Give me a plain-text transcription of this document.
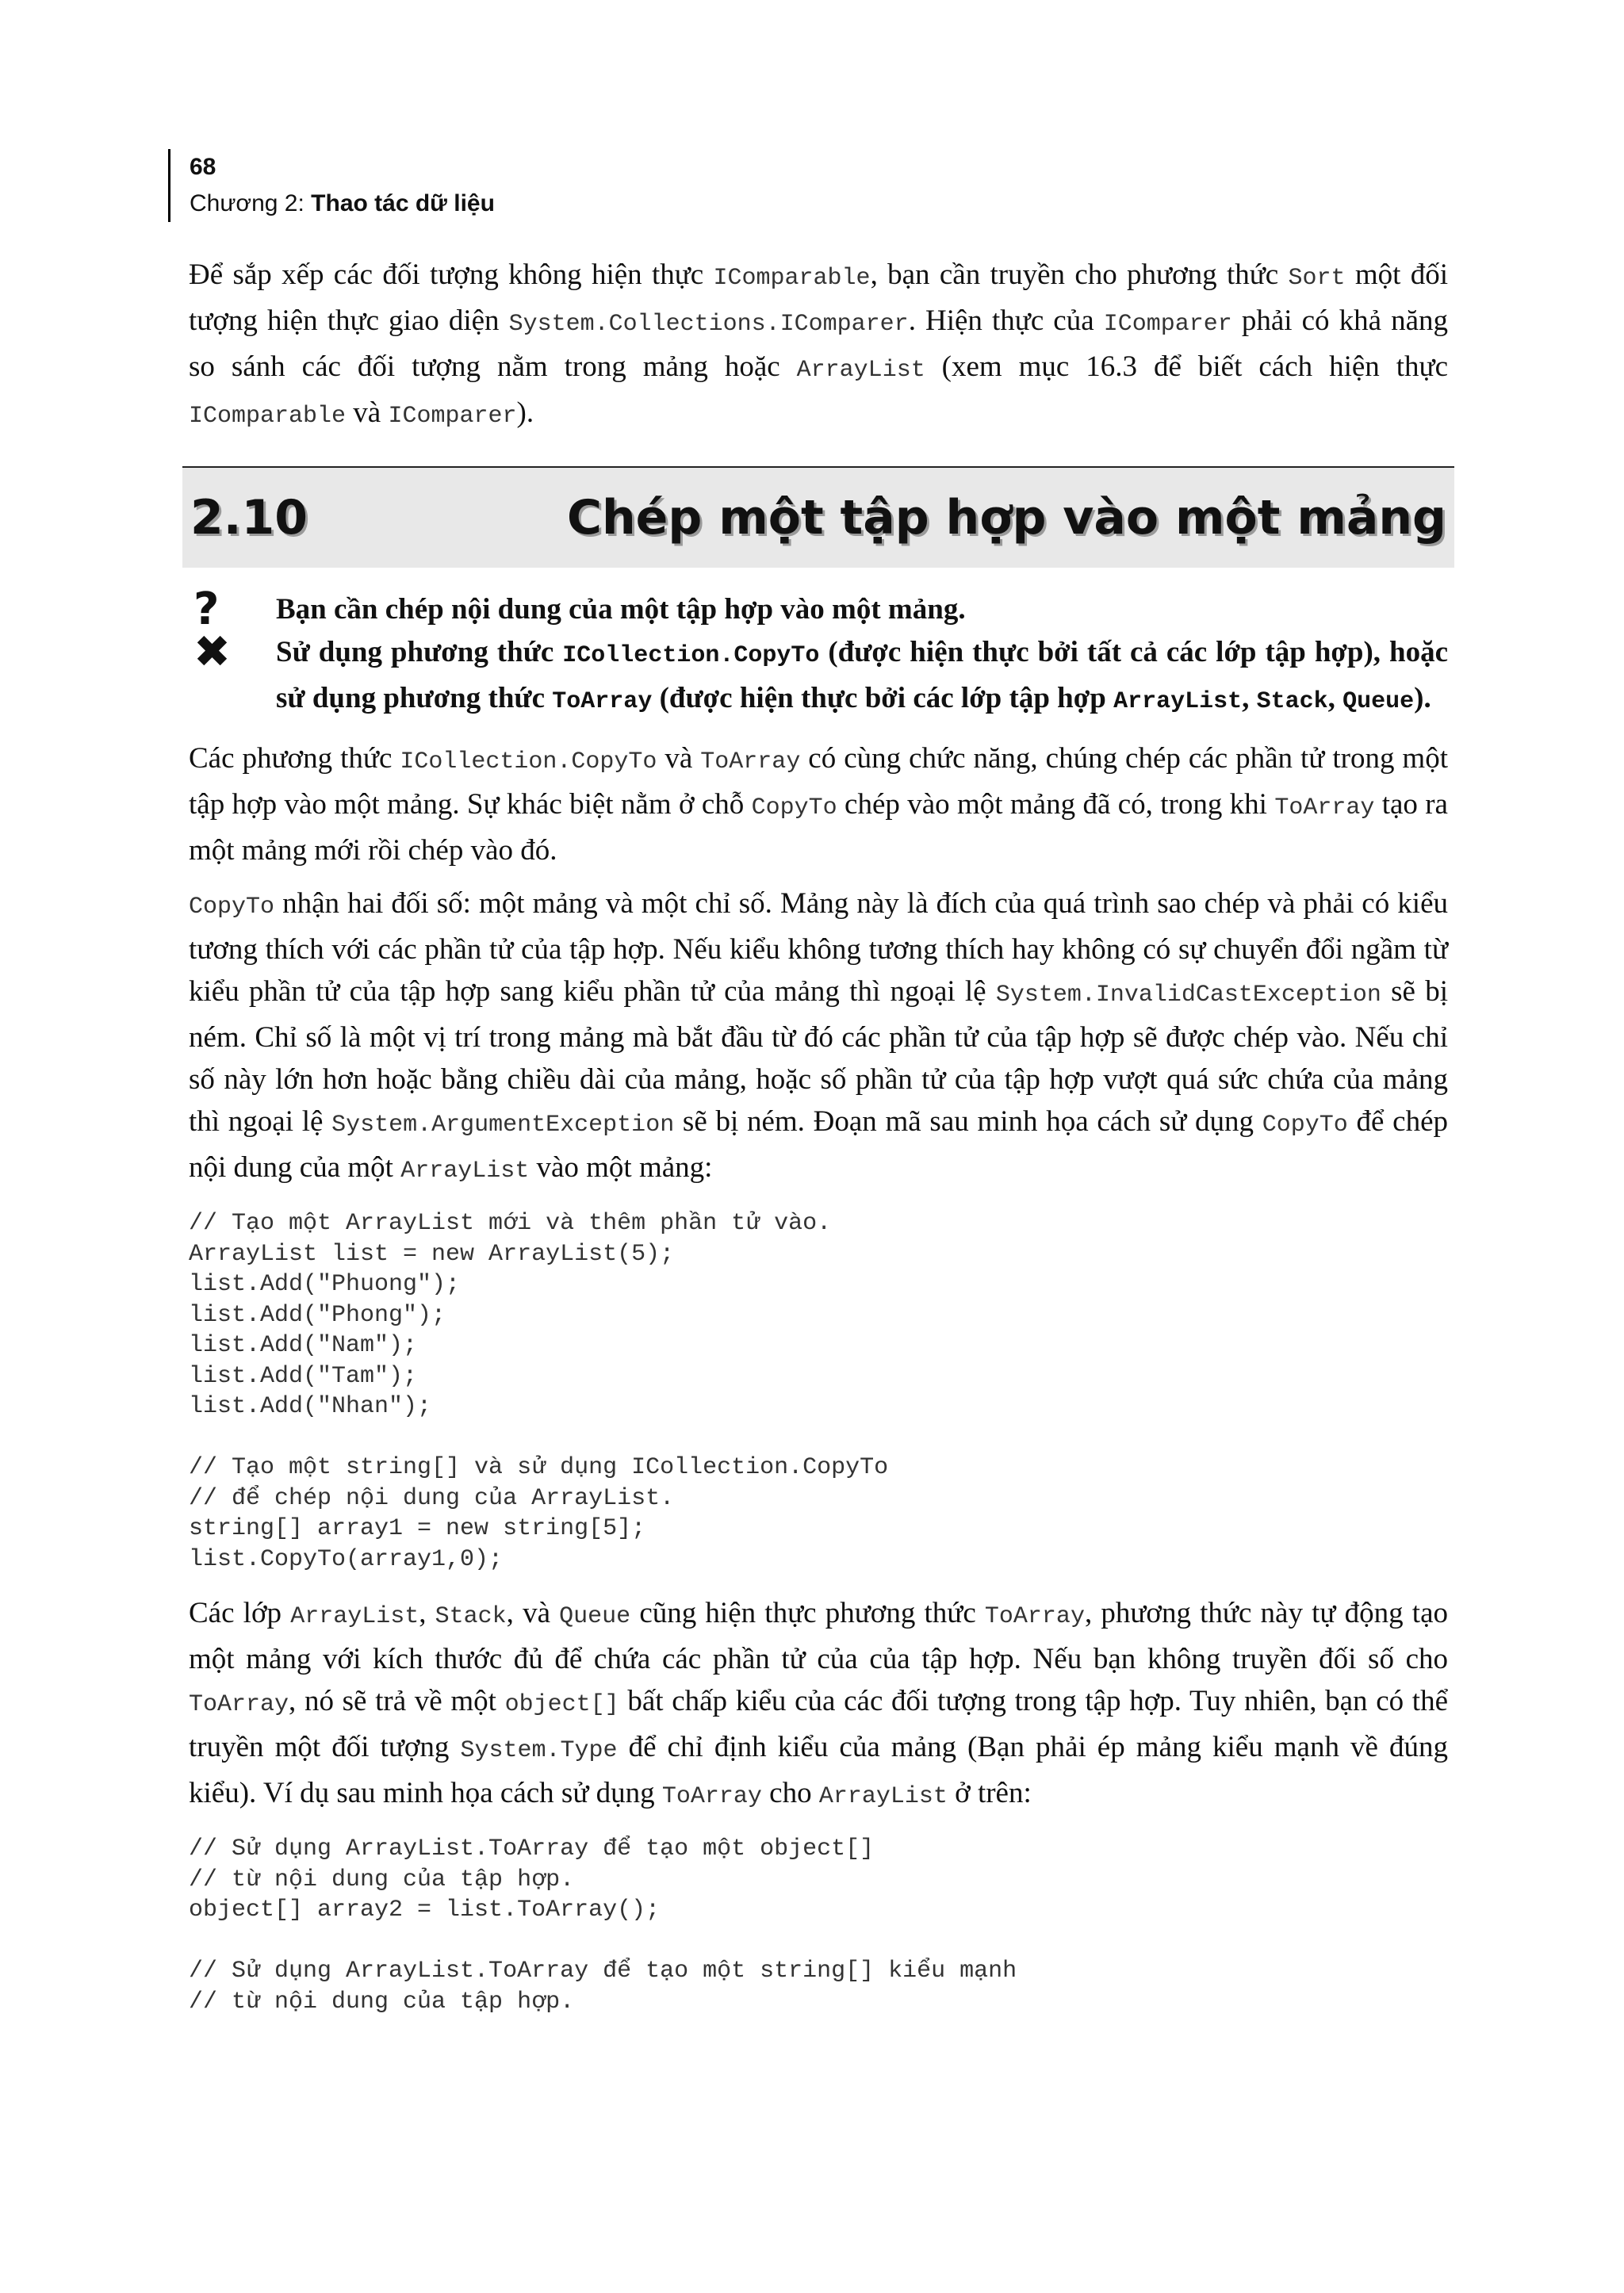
68
Chương 2: Thao tác dữ liệu

Để sắp xếp các đối tượng không hiện thực IComparable, bạn cần truyền cho phương thức Sort một đối tượng hiện thực giao diện System.Collections.IComparer. Hiện thực của IComparer phải có khả năng so sánh các đối tượng nằm trong mảng hoặc ArrayList (xem mục 16.3 để biết cách hiện thực IComparable và IComparer).

2.10	Chép một tập hợp vào một mảng
?	Bạn cần chép nội dung của một tập hợp vào một mảng.
✖	Sử dụng phương thức ICollection.CopyTo (được hiện thực bởi tất cả các lớp tập hợp), hoặc sử dụng phương thức ToArray (được hiện thực bởi các lớp tập hợp ArrayList, Stack, Queue).

Các phương thức ICollection.CopyTo và ToArray có cùng chức năng, chúng chép các phần tử trong một tập hợp vào một mảng. Sự khác biệt nằm ở chỗ CopyTo chép vào một mảng đã có, trong khi ToArray tạo ra một mảng mới rồi chép vào đó.

CopyTo nhận hai đối số: một mảng và một chỉ số. Mảng này là đích của quá trình sao chép và phải có kiểu tương thích với các phần tử của tập hợp. Nếu kiểu không tương thích hay không có sự chuyển đổi ngầm từ kiểu phần tử của tập hợp sang kiểu phần tử của mảng thì ngoại lệ System.InvalidCastException sẽ bị ném. Chỉ số là một vị trí trong mảng mà bắt đầu từ đó các phần tử của tập hợp sẽ được chép vào. Nếu chỉ số này lớn hơn hoặc bằng chiều dài của mảng, hoặc số phần tử của tập hợp vượt quá sức chứa của mảng thì ngoại lệ System.ArgumentException sẽ bị ném. Đoạn mã sau minh họa cách sử dụng CopyTo để chép nội dung của một ArrayList vào một mảng:

// Tạo một ArrayList mới và thêm phần tử vào.
ArrayList list = new ArrayList(5);
list.Add("Phuong");
list.Add("Phong");
list.Add("Nam");
list.Add("Tam");
list.Add("Nhan");

// Tạo một string[] và sử dụng ICollection.CopyTo
// để chép nội dung của ArrayList.
string[] array1 = new string[5];
list.CopyTo(array1,0);

Các lớp ArrayList, Stack, và Queue cũng hiện thực phương thức ToArray, phương thức này tự động tạo một mảng với kích thước đủ để chứa các phần tử của của tập hợp. Nếu bạn không truyền đối số cho ToArray, nó sẽ trả về một object[] bất chấp kiểu của các đối tượng trong tập hợp. Tuy nhiên, bạn có thể truyền một đối tượng System.Type để chỉ định kiểu của mảng (Bạn phải ép mảng kiểu mạnh về đúng kiểu). Ví dụ sau minh họa cách sử dụng ToArray cho ArrayList ở trên:

// Sử dụng ArrayList.ToArray để tạo một object[]
// từ nội dung của tập hợp.
object[] array2 = list.ToArray();

// Sử dụng ArrayList.ToArray để tạo một string[] kiểu mạnh
// từ nội dung của tập hợp.
